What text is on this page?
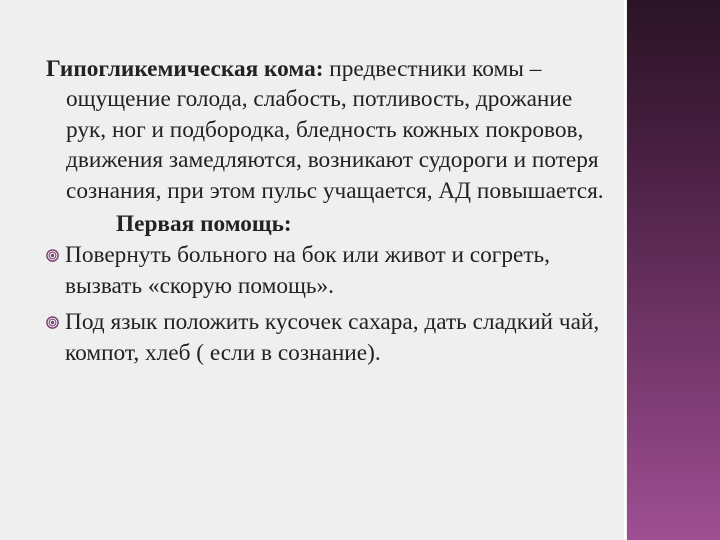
Гипогликемическая кома: предвестники комы – ощущение голода, слабость, потливость, дрожание рук, ног и подбородка, бледность кожных покровов, движения замедляются, возникают судороги и потеря сознания, при этом пульс учащается, АД повышается.

Первая помощь:

Повернуть больного на бок или живот и согреть, вызвать «скорую помощь».

Под язык положить кусочек сахара, дать сладкий чай, компот, хлеб ( если в сознание).
